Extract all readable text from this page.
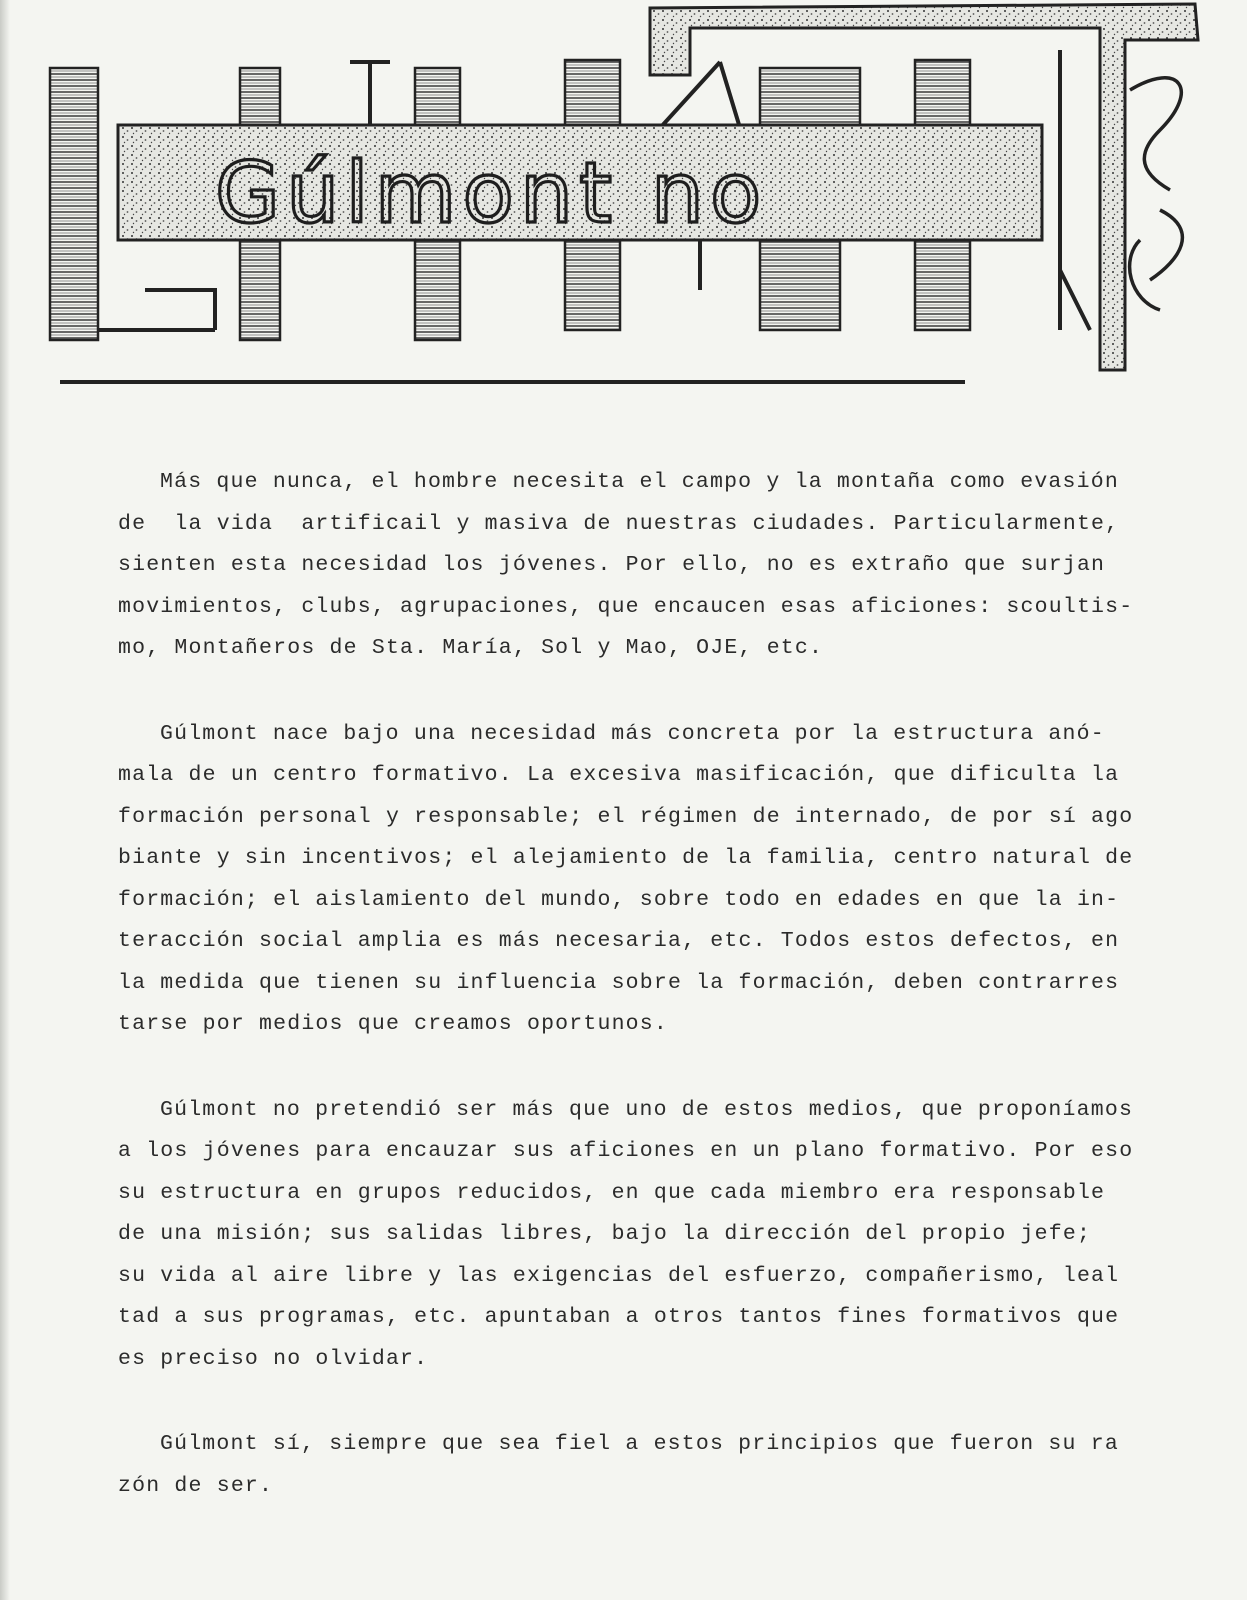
Gúlmont no

Más que nunca, el hombre necesita el campo y la montaña como evasión
de  la vida  artificail y masiva de nuestras ciudades. Particularmente,
sienten esta necesidad los jóvenes. Por ello, no es extraño que surjan
movimientos, clubs, agrupaciones, que encaucen esas aficiones: scoultis-
mo, Montañeros de Sta. María, Sol y Mao, OJE, etc.

Gúlmont nace bajo una necesidad más concreta por la estructura anó-
mala de un centro formativo. La excesiva masificación, que dificulta la
formación personal y responsable; el régimen de internado, de por sí ago
biante y sin incentivos; el alejamiento de la familia, centro natural de
formación; el aislamiento del mundo, sobre todo en edades en que la in-
teracción social amplia es más necesaria, etc. Todos estos defectos, en
la medida que tienen su influencia sobre la formación, deben contrarres
tarse por medios que creamos oportunos.

Gúlmont no pretendió ser más que uno de estos medios, que proponíamos
a los jóvenes para encauzar sus aficiones en un plano formativo. Por eso
su estructura en grupos reducidos, en que cada miembro era responsable
de una misión; sus salidas libres, bajo la dirección del propio jefe;
su vida al aire libre y las exigencias del esfuerzo, compañerismo, leal
tad a sus programas, etc. apuntaban a otros tantos fines formativos que
es preciso no olvidar.

Gúlmont sí, siempre que sea fiel a estos principios que fueron su ra
zón de ser.
